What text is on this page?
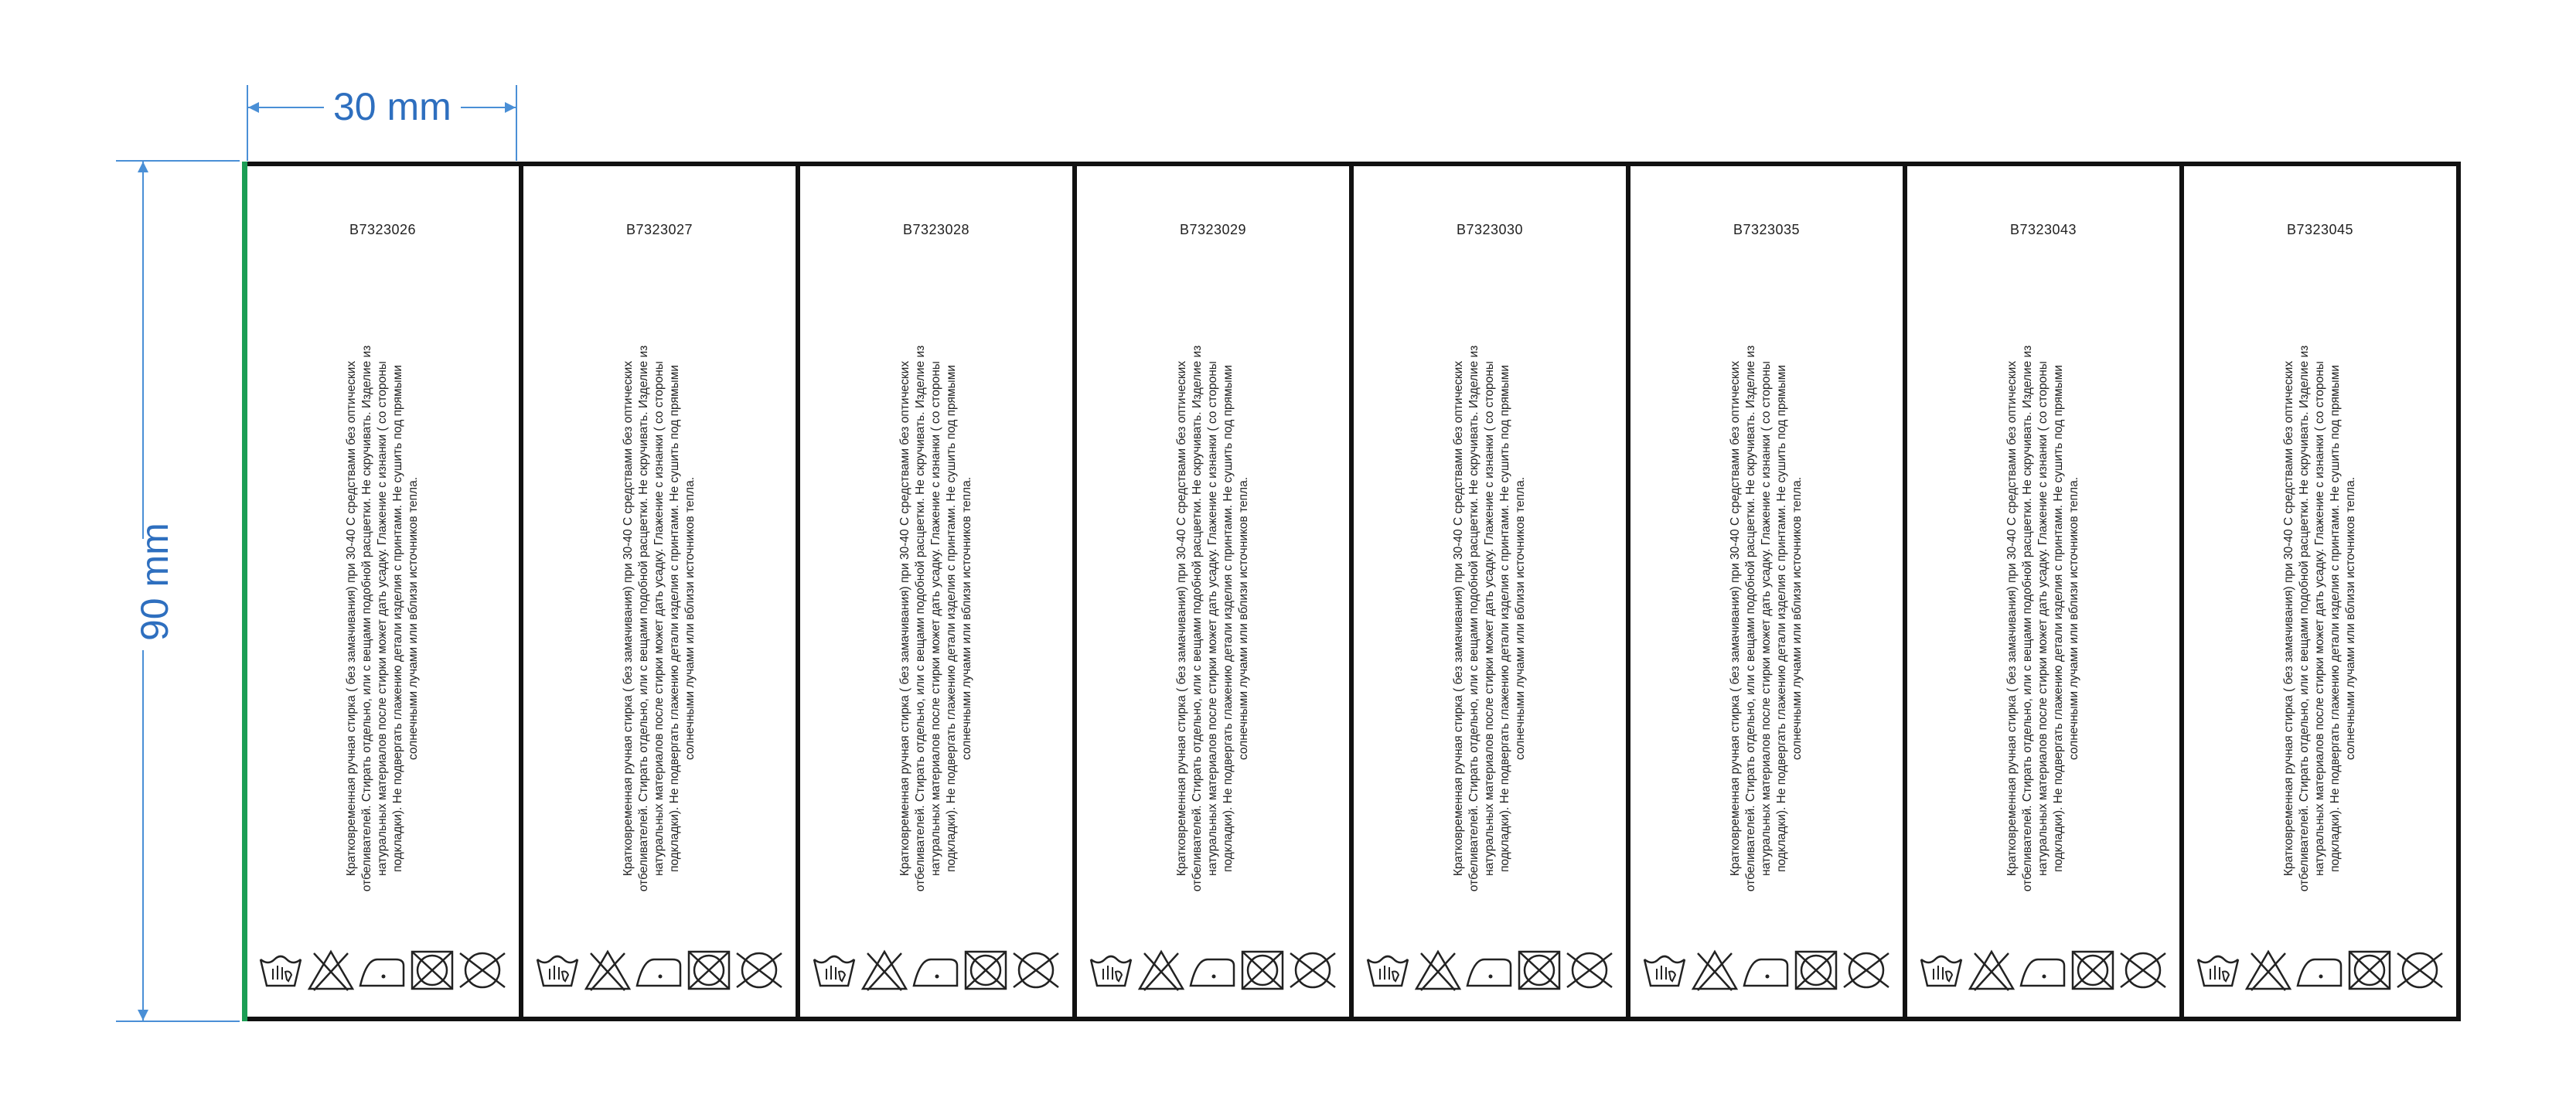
30 mm
90 mm
B7323026
Кратковременная ручная стирка ( без замачивания) при 30-40 С средствами без оптических отбеливателей. Стирать отдельно, или с вещами подобной расцветки. Не скручивать. Изделие из натуральных материалов после стирки может дать усадку. Глажение с изнанки ( со стороны подкладки). Не подвергать глажению детали изделия с принтами. Не сушить под прямыми солнечными лучами или вблизи источников тепла.
B7323027
Кратковременная ручная стирка ( без замачивания) при 30-40 С средствами без оптических отбеливателей. Стирать отдельно, или с вещами подобной расцветки. Не скручивать. Изделие из натуральных материалов после стирки может дать усадку. Глажение с изнанки ( со стороны подкладки). Не подвергать глажению детали изделия с принтами. Не сушить под прямыми солнечными лучами или вблизи источников тепла.
B7323028
Кратковременная ручная стирка ( без замачивания) при 30-40 С средствами без оптических отбеливателей. Стирать отдельно, или с вещами подобной расцветки. Не скручивать. Изделие из натуральных материалов после стирки может дать усадку. Глажение с изнанки ( со стороны подкладки). Не подвергать глажению детали изделия с принтами. Не сушить под прямыми солнечными лучами или вблизи источников тепла.
B7323029
Кратковременная ручная стирка ( без замачивания) при 30-40 С средствами без оптических отбеливателей. Стирать отдельно, или с вещами подобной расцветки. Не скручивать. Изделие из натуральных материалов после стирки может дать усадку. Глажение с изнанки ( со стороны подкладки). Не подвергать глажению детали изделия с принтами. Не сушить под прямыми солнечными лучами или вблизи источников тепла.
B7323030
Кратковременная ручная стирка ( без замачивания) при 30-40 С средствами без оптических отбеливателей. Стирать отдельно, или с вещами подобной расцветки. Не скручивать. Изделие из натуральных материалов после стирки может дать усадку. Глажение с изнанки ( со стороны подкладки). Не подвергать глажению детали изделия с принтами. Не сушить под прямыми солнечными лучами или вблизи источников тепла.
B7323035
Кратковременная ручная стирка ( без замачивания) при 30-40 С средствами без оптических отбеливателей. Стирать отдельно, или с вещами подобной расцветки. Не скручивать. Изделие из натуральных материалов после стирки может дать усадку. Глажение с изнанки ( со стороны подкладки). Не подвергать глажению детали изделия с принтами. Не сушить под прямыми солнечными лучами или вблизи источников тепла.
B7323043
Кратковременная ручная стирка ( без замачивания) при 30-40 С средствами без оптических отбеливателей. Стирать отдельно, или с вещами подобной расцветки. Не скручивать. Изделие из натуральных материалов после стирки может дать усадку. Глажение с изнанки ( со стороны подкладки). Не подвергать глажению детали изделия с принтами. Не сушить под прямыми солнечными лучами или вблизи источников тепла.
B7323045
Кратковременная ручная стирка ( без замачивания) при 30-40 С средствами без оптических отбеливателей. Стирать отдельно, или с вещами подобной расцветки. Не скручивать. Изделие из натуральных материалов после стирки может дать усадку. Глажение с изнанки ( со стороны подкладки). Не подвергать глажению детали изделия с принтами. Не сушить под прямыми солнечными лучами или вблизи источников тепла.
